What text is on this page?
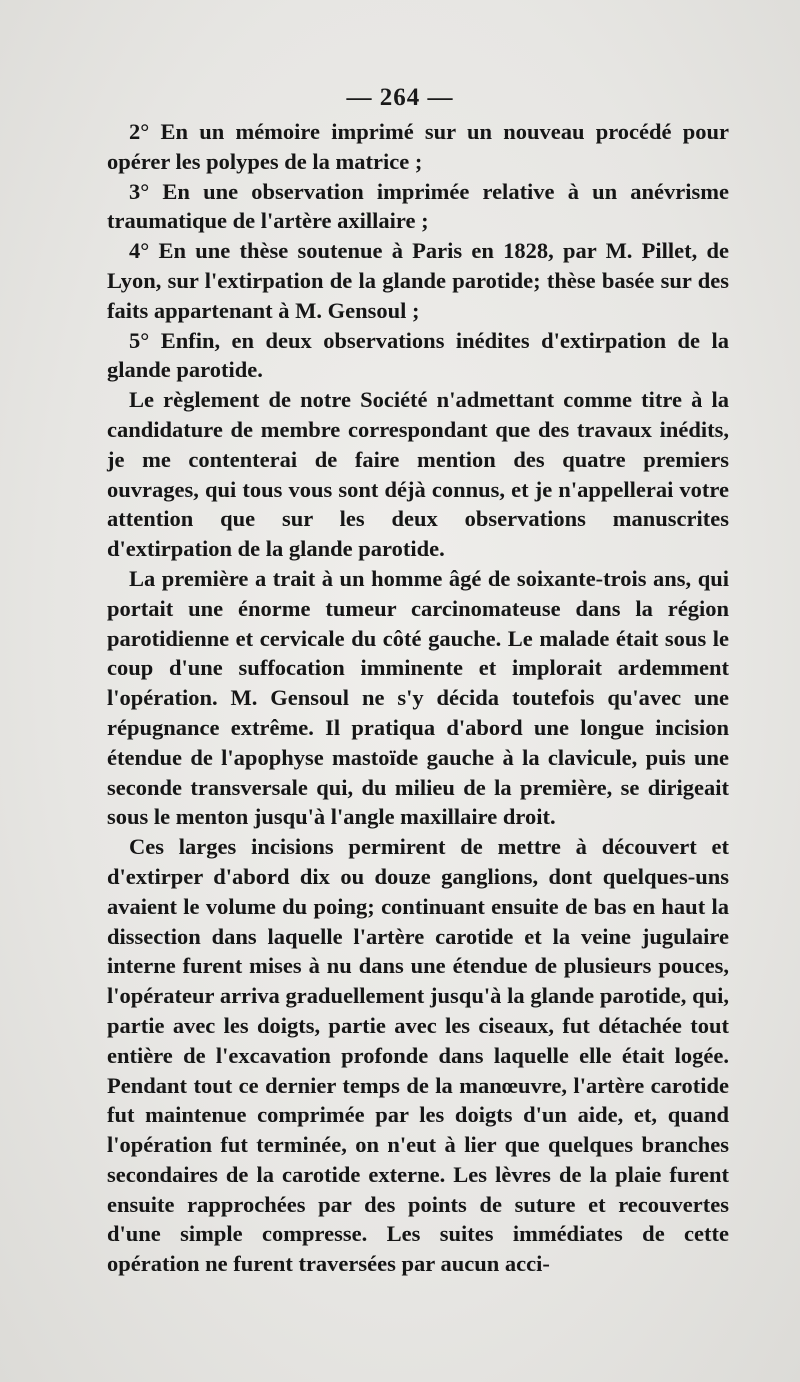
— 264 —

2° En un mémoire imprimé sur un nouveau procédé pour opérer les polypes de la matrice ;

3° En une observation imprimée relative à un anévrisme traumatique de l'artère axillaire ;

4° En une thèse soutenue à Paris en 1828, par M. Pillet, de Lyon, sur l'extirpation de la glande parotide; thèse basée sur des faits appartenant à M. Gensoul ;

5° Enfin, en deux observations inédites d'extirpation de la glande parotide.

Le règlement de notre Société n'admettant comme titre à la candidature de membre correspondant que des travaux inédits, je me contenterai de faire mention des quatre premiers ouvrages, qui tous vous sont déjà connus, et je n'appellerai votre attention que sur les deux observations manuscrites d'extirpation de la glande parotide.

La première a trait à un homme âgé de soixante-trois ans, qui portait une énorme tumeur carcinomateuse dans la région parotidienne et cervicale du côté gauche. Le malade était sous le coup d'une suffocation imminente et implorait ardemment l'opération. M. Gensoul ne s'y décida toutefois qu'avec une répugnance extrême. Il pratiqua d'abord une longue incision étendue de l'apophyse mastoïde gauche à la clavicule, puis une seconde transversale qui, du milieu de la première, se dirigeait sous le menton jusqu'à l'angle maxillaire droit.

Ces larges incisions permirent de mettre à découvert et d'extirper d'abord dix ou douze ganglions, dont quelques-uns avaient le volume du poing; continuant ensuite de bas en haut la dissection dans laquelle l'artère carotide et la veine jugulaire interne furent mises à nu dans une étendue de plusieurs pouces, l'opérateur arriva graduellement jusqu'à la glande parotide, qui, partie avec les doigts, partie avec les ciseaux, fut détachée tout entière de l'excavation profonde dans laquelle elle était logée. Pendant tout ce dernier temps de la manœuvre, l'artère carotide fut maintenue comprimée par les doigts d'un aide, et, quand l'opération fut terminée, on n'eut à lier que quelques branches secondaires de la carotide externe. Les lèvres de la plaie furent ensuite rapprochées par des points de suture et recouvertes d'une simple compresse. Les suites immédiates de cette opération ne furent traversées par aucun acci-
